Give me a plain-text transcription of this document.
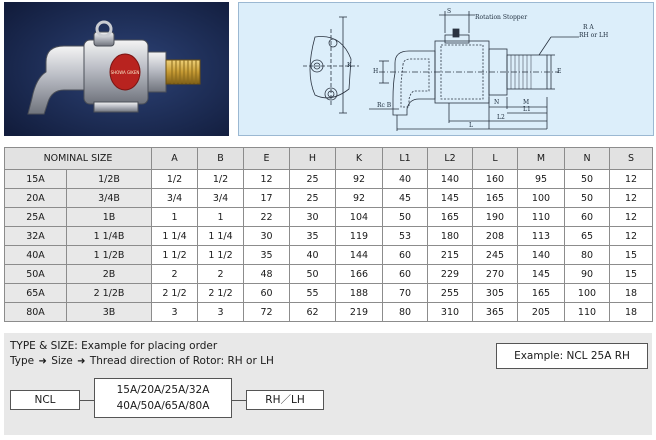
SHOWA GIKEN
S
Rotation Stopper
R A
RH or LH
Rc B
H
K
E
N	M
L1
L2
L
NOMINAL SIZE		A	B	E	H	K	L1	L2	L	M	N	S
15A	1/2B	1/2	1/2	12	25	92	40	140	160	95	50	12
20A	3/4B	3/4	3/4	17	25	92	45	145	165	100	50	12
25A	1B	1	1	22	30	104	50	165	190	110	60	12
32A	1 1/4B	1 1/4	1 1/4	30	35	119	53	180	208	113	65	12
40A	1 1/2B	1 1/2	1 1/2	35	40	144	60	215	245	140	80	15
50A	2B	2	2	48	50	166	60	229	270	145	90	15
65A	2 1/2B	2 1/2	2 1/2	60	55	188	70	255	305	165	100	18
80A	3B	3	3	72	62	219	80	310	365	205	110	18
TYPE & SIZE: Example for placing order
Type ➜ Size ➜ Thread direction of Rotor: RH or LH	Example: NCL 25A RH
NCL
15A/20A/25A/32A
40A/50A/65A/80A	RH／LH
